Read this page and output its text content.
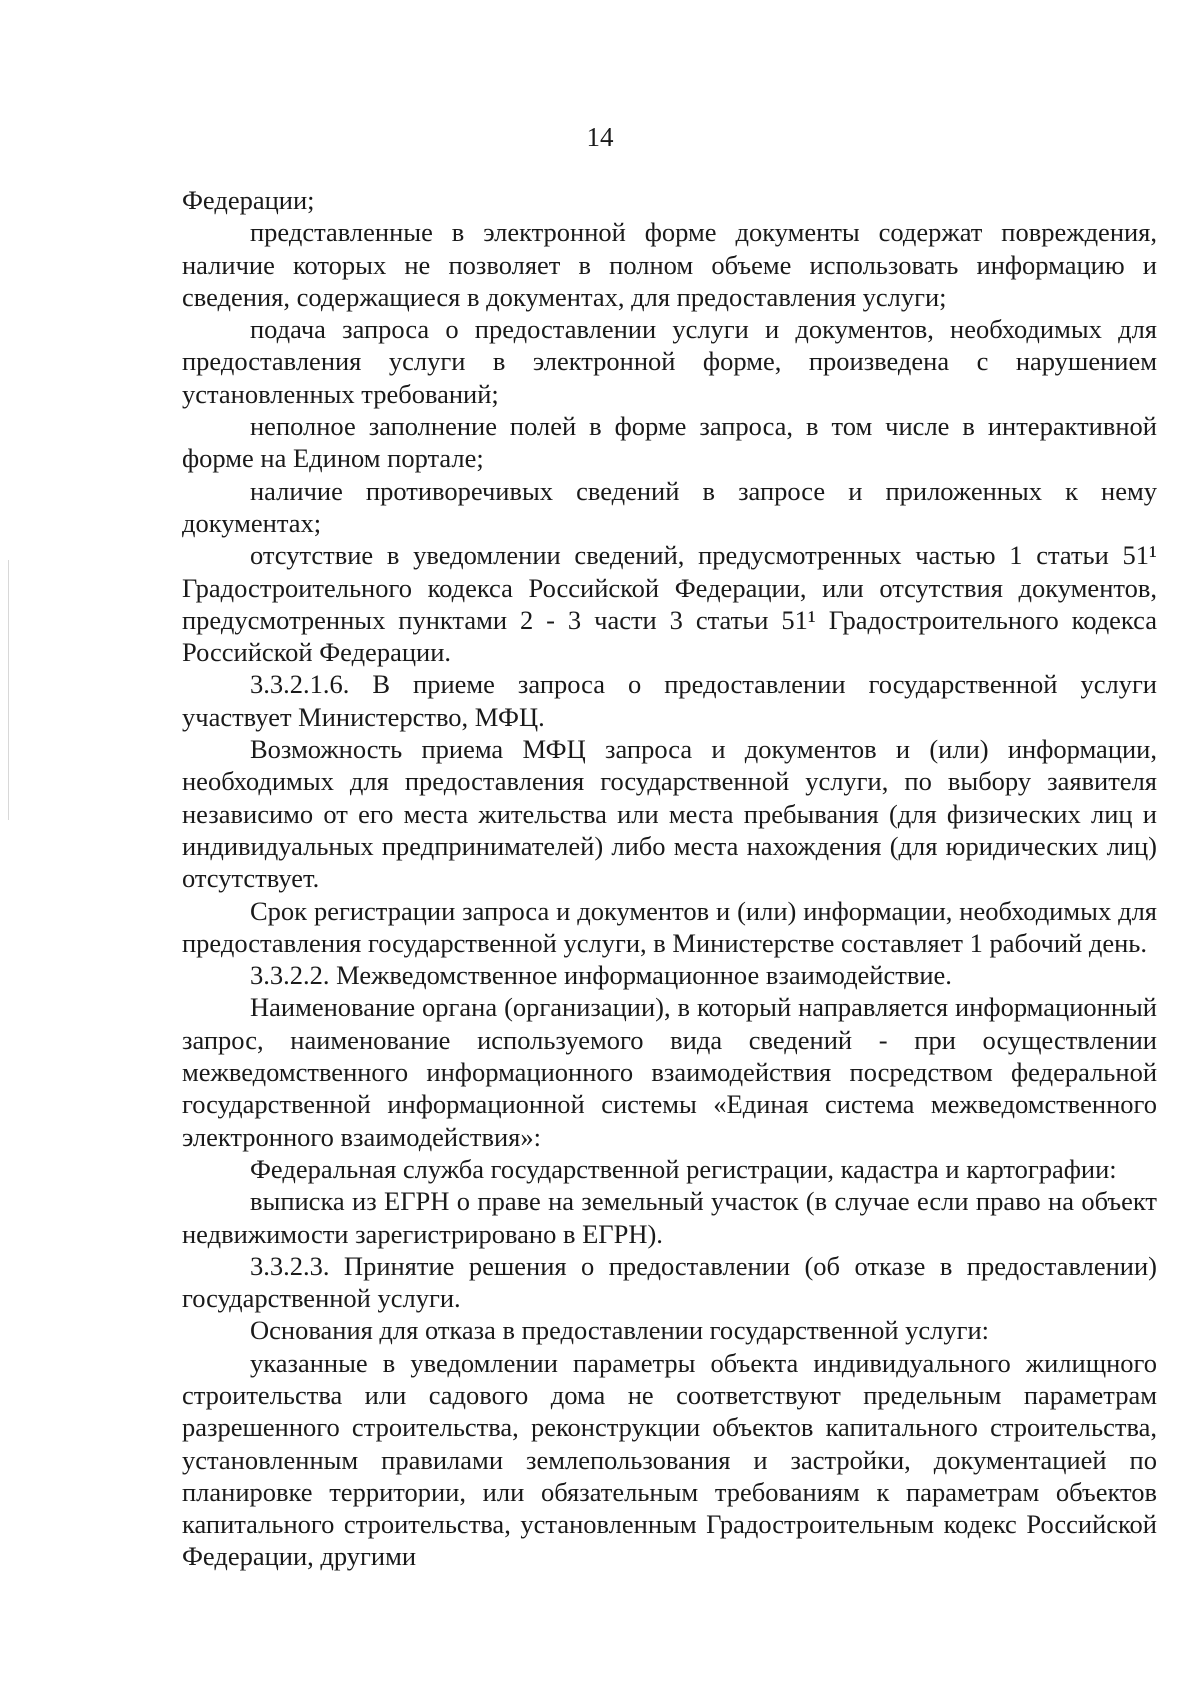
14

Федерации;

представленные в электронной форме документы содержат повреждения, наличие которых не позволяет в полном объеме использовать информацию и сведения, содержащиеся в документах, для предоставления услуги;

подача запроса о предоставлении услуги и документов, необходимых для предоставления услуги в электронной форме, произведена с нарушением установленных требований;

неполное заполнение полей в форме запроса, в том числе в интерактивной форме на Едином портале;

наличие противоречивых сведений в запросе и приложенных к нему документах;

отсутствие в уведомлении сведений, предусмотренных частью 1 статьи 51¹ Градостроительного кодекса Российской Федерации, или отсутствия документов, предусмотренных пунктами 2 - 3 части 3 статьи 51¹ Градостроительного кодекса Российской Федерации.

3.3.2.1.6. В приеме запроса о предоставлении государственной услуги участвует Министерство, МФЦ.

Возможность приема МФЦ запроса и документов и (или) информации, необходимых для предоставления государственной услуги, по выбору заявителя независимо от его места жительства или места пребывания (для физических лиц и индивидуальных предпринимателей) либо места нахождения (для юридических лиц) отсутствует.

Срок регистрации запроса и документов и (или) информации, необходимых для предоставления государственной услуги, в Министерстве составляет 1 рабочий день.

3.3.2.2. Межведомственное информационное взаимодействие.

Наименование органа (организации), в который направляется информационный запрос, наименование используемого вида сведений - при осуществлении межведомственного информационного взаимодействия посредством федеральной государственной информационной системы «Единая система межведомственного электронного взаимодействия»:

Федеральная служба государственной регистрации, кадастра и картографии:

выписка из ЕГРН о праве на земельный участок (в случае если право на объект недвижимости зарегистрировано в ЕГРН).

3.3.2.3. Принятие решения о предоставлении (об отказе в предоставлении) государственной услуги.

Основания для отказа в предоставлении государственной услуги:

указанные в уведомлении параметры объекта индивидуального жилищного строительства или садового дома не соответствуют предельным параметрам разрешенного строительства, реконструкции объектов капитального строительства, установленным правилами землепользования и застройки, документацией по планировке территории, или обязательным требованиям к параметрам объектов капитального строительства, установленным Градостроительным кодекс Российской Федерации, другими
